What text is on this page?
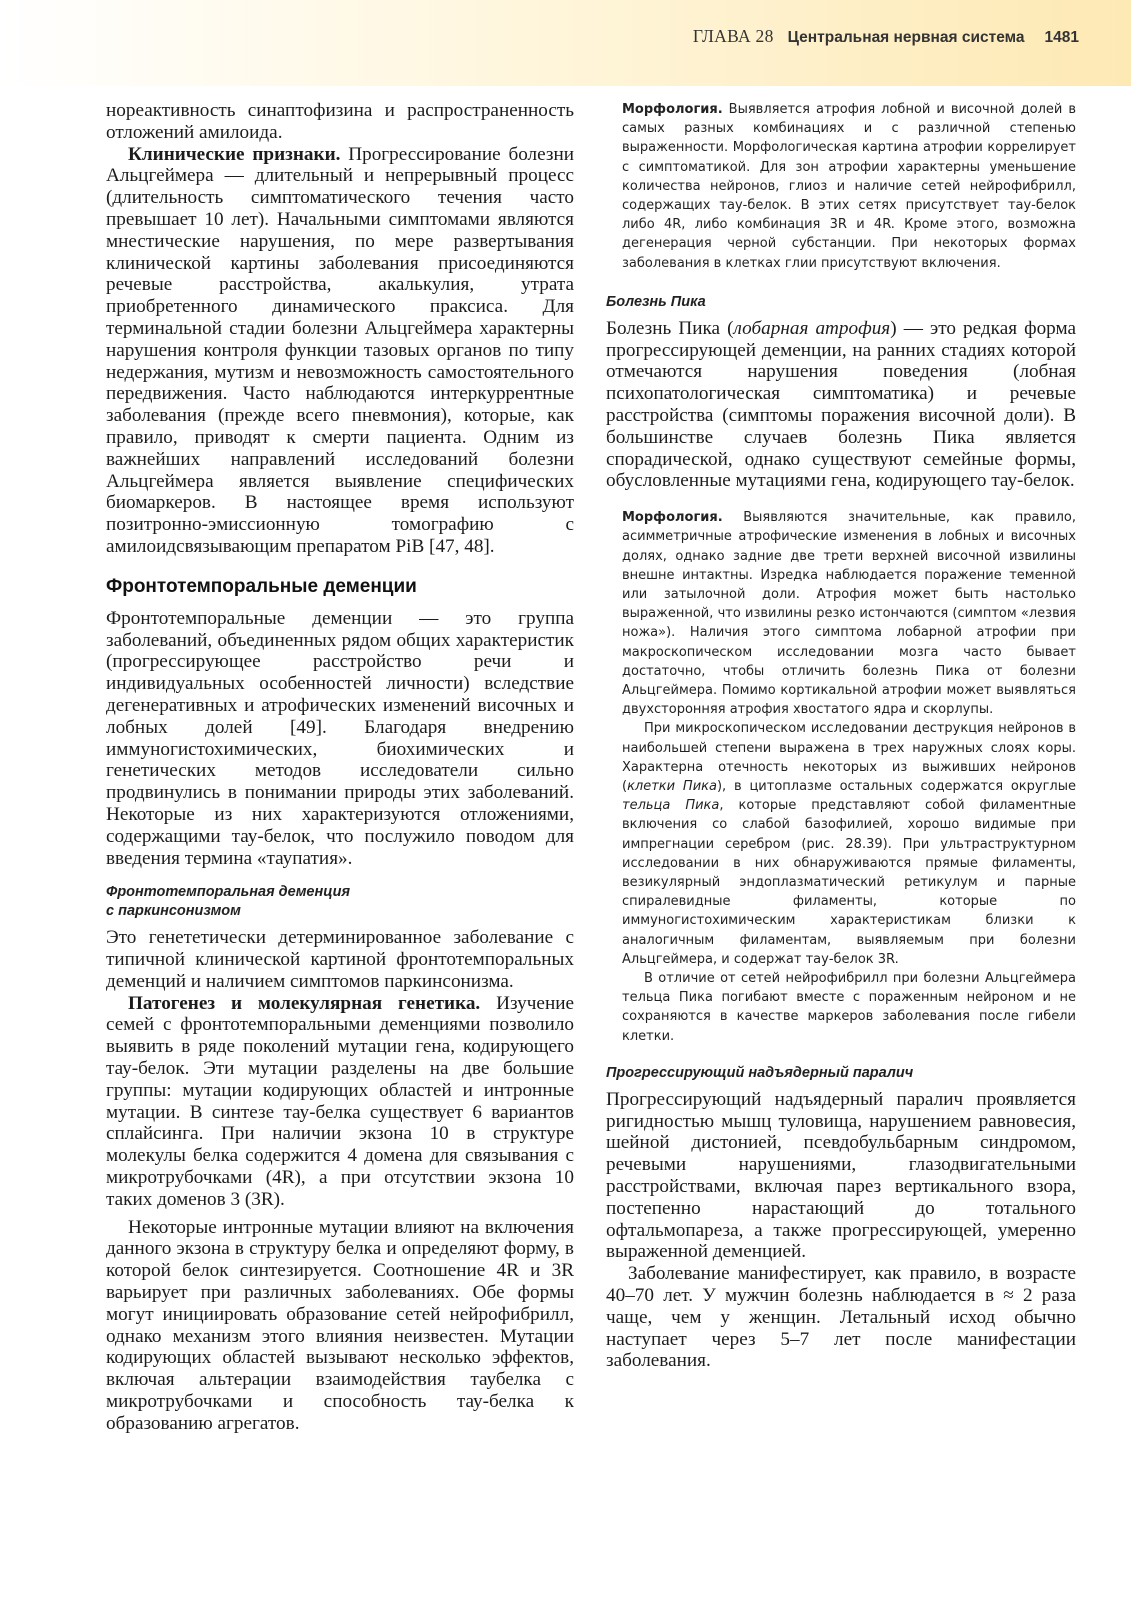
ГЛАВА 28 Центральная нервная система 1481

нореактивность синаптофизина и распространенность отложений амилоида.

Клинические признаки. Прогрессирование болезни Альцгеймера — длительный и непрерывный процесс (длительность симптоматического течения часто превышает 10 лет). Начальными симптомами являются мнестические нарушения, по мере развертывания клинической картины заболевания присоединяются речевые расстройства, акалькулия, утрата приобретенного динамического праксиса. Для терминальной стадии болезни Альцгеймера характерны нарушения контроля функции тазовых органов по типу недержания, мутизм и невозможность самостоятельного передвижения. Часто наблюдаются интеркуррентные заболевания (прежде всего пневмония), которые, как правило, приводят к смерти пациента. Одним из важнейших направлений исследований болезни Альцгеймера является выявление специфических биомаркеров. В настоящее время используют позитронно-эмиссионную томографию с амилоидсвязывающим препаратом PiB [47, 48].

Фронтотемпоральные деменции

Фронтотемпоральные деменции — это группа заболеваний, объединенных рядом общих характеристик (прогрессирующее расстройство речи и индивидуальных особенностей личности) вследствие дегенеративных и атрофических изменений височных и лобных долей [49]. Благодаря внедрению иммуногистохимических, биохимических и генетических методов исследователи сильно продвинулись в понимании природы этих заболеваний. Некоторые из них характеризуются отложениями, содержащими тау-белок, что послужило поводом для введения термина «таупатия».

Фронтотемпоральная деменция
с паркинсонизмом

Это генететически детерминированное заболевание с типичной клинической картиной фронтотемпоральных деменций и наличием симптомов паркинсонизма.

Патогенез и молекулярная генетика. Изучение семей с фронтотемпоральными деменциями позволило выявить в ряде поколений мутации гена, кодирующего тау-белок. Эти мутации разделены на две большие группы: мутации кодирующих областей и интронные мутации. В синтезе тау-белка существует 6 вариантов сплайсинга. При наличии экзона 10 в структуре молекулы белка содержится 4 домена для связывания с микротрубочками (4R), а при отсутствии экзона 10 таких доменов 3 (3R).

Некоторые интронные мутации влияют на включения данного экзона в структуру белка и определяют форму, в которой белок синтезируется. Соотношение 4R и 3R варьирует при различных заболеваниях. Обе формы могут инициировать образование сетей нейрофибрилл, однако механизм этого влияния неизвестен. Мутации кодирующих областей вызывают несколько эффектов, включая альтерации взаимодействия таубелка с микротрубочками и способность тау-белка к образованию агрегатов.

Морфология. Выявляется атрофия лобной и височной долей в самых разных комбинациях и с различной степенью выраженности. Морфологическая картина атрофии коррелирует с симптоматикой. Для зон атрофии характерны уменьшение количества нейронов, глиоз и наличие сетей нейрофибрилл, содержащих тау-белок. В этих сетях присутствует тау-белок либо 4R, либо комбинация 3R и 4R. Кроме этого, возможна дегенерация черной субстанции. При некоторых формах заболевания в клетках глии присутствуют включения.

Болезнь Пика

Болезнь Пика (лобарная атрофия) — это редкая форма прогрессирующей деменции, на ранних стадиях которой отмечаются нарушения поведения (лобная психопатологическая симптоматика) и речевые расстройства (симптомы поражения височной доли). В большинстве случаев болезнь Пика является спорадической, однако существуют семейные формы, обусловленные мутациями гена, кодирующего тау-белок.

Морфология. Выявляются значительные, как правило, асимметричные атрофические изменения в лобных и височных долях, однако задние две трети верхней височной извилины внешне интактны. Изредка наблюдается поражение теменной или затылочной доли. Атрофия может быть настолько выраженной, что извилины резко истончаются (симптом «лезвия ножа»). Наличия этого симптома лобарной атрофии при макроскопическом исследовании мозга часто бывает достаточно, чтобы отличить болезнь Пика от болезни Альцгеймера. Помимо кортикальной атрофии может выявляться двухсторонняя атрофия хвостатого ядра и скорлупы.

При микроскопическом исследовании деструкция нейронов в наибольшей степени выражена в трех наружных слоях коры. Характерна отечность некоторых из выживших нейронов (клетки Пика), в цитоплазме остальных содержатся округлые тельца Пика, которые представляют собой филаментные включения со слабой базофилией, хорошо видимые при импрегнации серебром (рис. 28.39). При ультраструктурном исследовании в них обнаруживаются прямые филаменты, везикулярный эндоплазматический ретикулум и парные спиралевидные филаменты, которые по иммуногистохимическим характеристикам близки к аналогичным филаментам, выявляемым при болезни Альцгеймера, и содержат тау-белок 3R.

В отличие от сетей нейрофибрилл при болезни Альцгеймера тельца Пика погибают вместе с пораженным нейроном и не сохраняются в качестве маркеров заболевания после гибели клетки.

Прогрессирующий надъядерный паралич

Прогрессирующий надъядерный паралич проявляется ригидностью мышц туловища, нарушением равновесия, шейной дистонией, псевдобульбарным синдромом, речевыми нарушениями, глазодвигательными расстройствами, включая парез вертикального взора, постепенно нарастающий до тотального офтальмопареза, а также прогрессирующей, умеренно выраженной деменцией.

Заболевание манифестирует, как правило, в возрасте 40–70 лет. У мужчин болезнь наблюдается в ≈ 2 раза чаще, чем у женщин. Летальный исход обычно наступает через 5–7 лет после манифестации заболевания.
